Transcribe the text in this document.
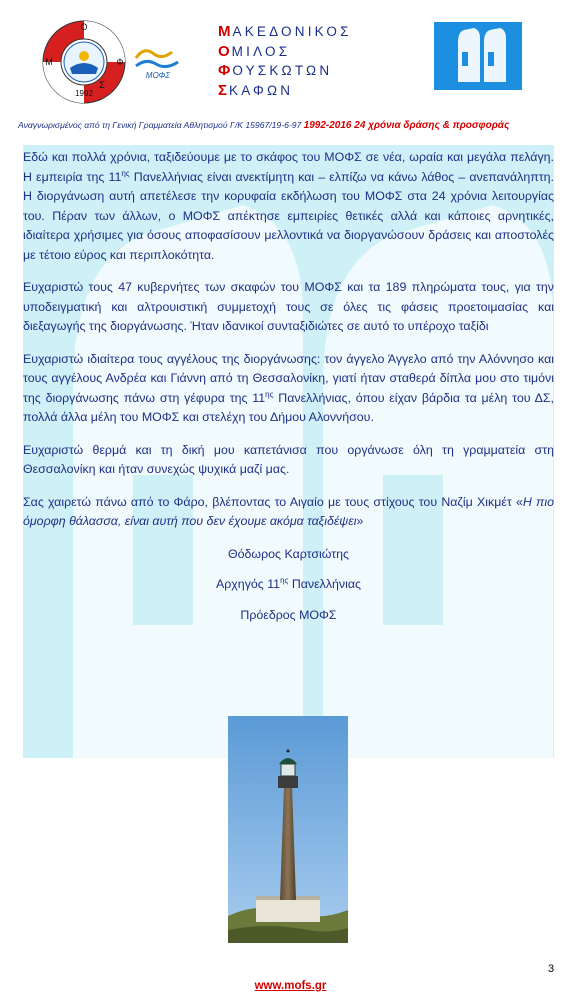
Ο
Φ
Μ
Σ
1992
ΜΟΦΣ
ΜΑΚΕΔΟΝΙΚΟΣ
ΟΜΙΛΟΣ
ΦΟΥΣΚΩΤΩΝ
ΣΚΑΦΩΝ
Αναγνωρισμένος από τη Γενική Γραμματεία Αθλητισμού Γ/Κ 15967/19-6-97 1992-2016 24 χρόνια δράσης & προσφοράς

Εδώ και πολλά χρόνια, ταξιδεύουμε με το σκάφος του ΜΟΦΣ σε νέα, ωραία και μεγάλα πελάγη. Η εμπειρία της $11^{\eta\varsigma}$ Πανελλήνιας είναι ανεκτίμητη και – ελπίζω να κάνω λάθος – ανεπανάληπτη. Η διοργάνωση αυτή απετέλεσε την κορυφαία εκδήλωση του ΜΟΦΣ στα 24 χρόνια λειτουργίας του. Πέραν των άλλων, ο ΜΟΦΣ απέκτησε εμπειρίες θετικές αλλά και κάποιες αρνητικές, ιδιαίτερα χρήσιμες για όσους αποφασίσουν μελλοντικά να διοργανώσουν δράσεις και αποστολές με τέτοιο εύρος και περιπλοκότητα.

Ευχαριστώ τους 47 κυβερνήτες των σκαφών του ΜΟΦΣ και τα 189 πληρώματα τους, για την υποδειγματική και αλτρουιστική συμμετοχή τους σε όλες τις φάσεις προετοιμασίας και διεξαγωγής της διοργάνωσης. Ήταν ιδανικοί συνταξιδιώτες σε αυτό το υπέροχο ταξίδι

Ευχαριστώ ιδιαίτερα τους αγγέλους της διοργάνωσης: τον άγγελο Άγγελο από την Αλόννησο και τους αγγέλους Ανδρέα και Γιάννη από τη Θεσσαλονίκη, γιατί ήταν σταθερά δίπλα μου στο τιμόνι της διοργάνωσης πάνω στη γέφυρα της $11^{\eta\varsigma}$ Πανελλήνιας, όπου είχαν βάρδια τα μέλη του ΔΣ, πολλά άλλα μέλη του ΜΟΦΣ και στελέχη του Δήμου Αλοννήσου.

Ευχαριστώ θερμά και τη δική μου καπετάνισα που οργάνωσε όλη τη γραμματεία στη Θεσσαλονίκη και ήταν συνεχώς ψυχικά μαζί μας.

Σας χαιρετώ πάνω από το Φάρο, βλέποντας το Αιγαίο με τους στίχους του Ναζίμ Χικμέτ «Η πιο όμορφη θάλασσα, είναι αυτή που δεν έχουμε ακόμα ταξιδέψει»

Θόδωρος Καρτσιώτης

Αρχηγός $11^{\eta\varsigma}$ Πανελλήνιας

Πρόεδρος ΜΟΦΣ

3
www.mofs.gr
